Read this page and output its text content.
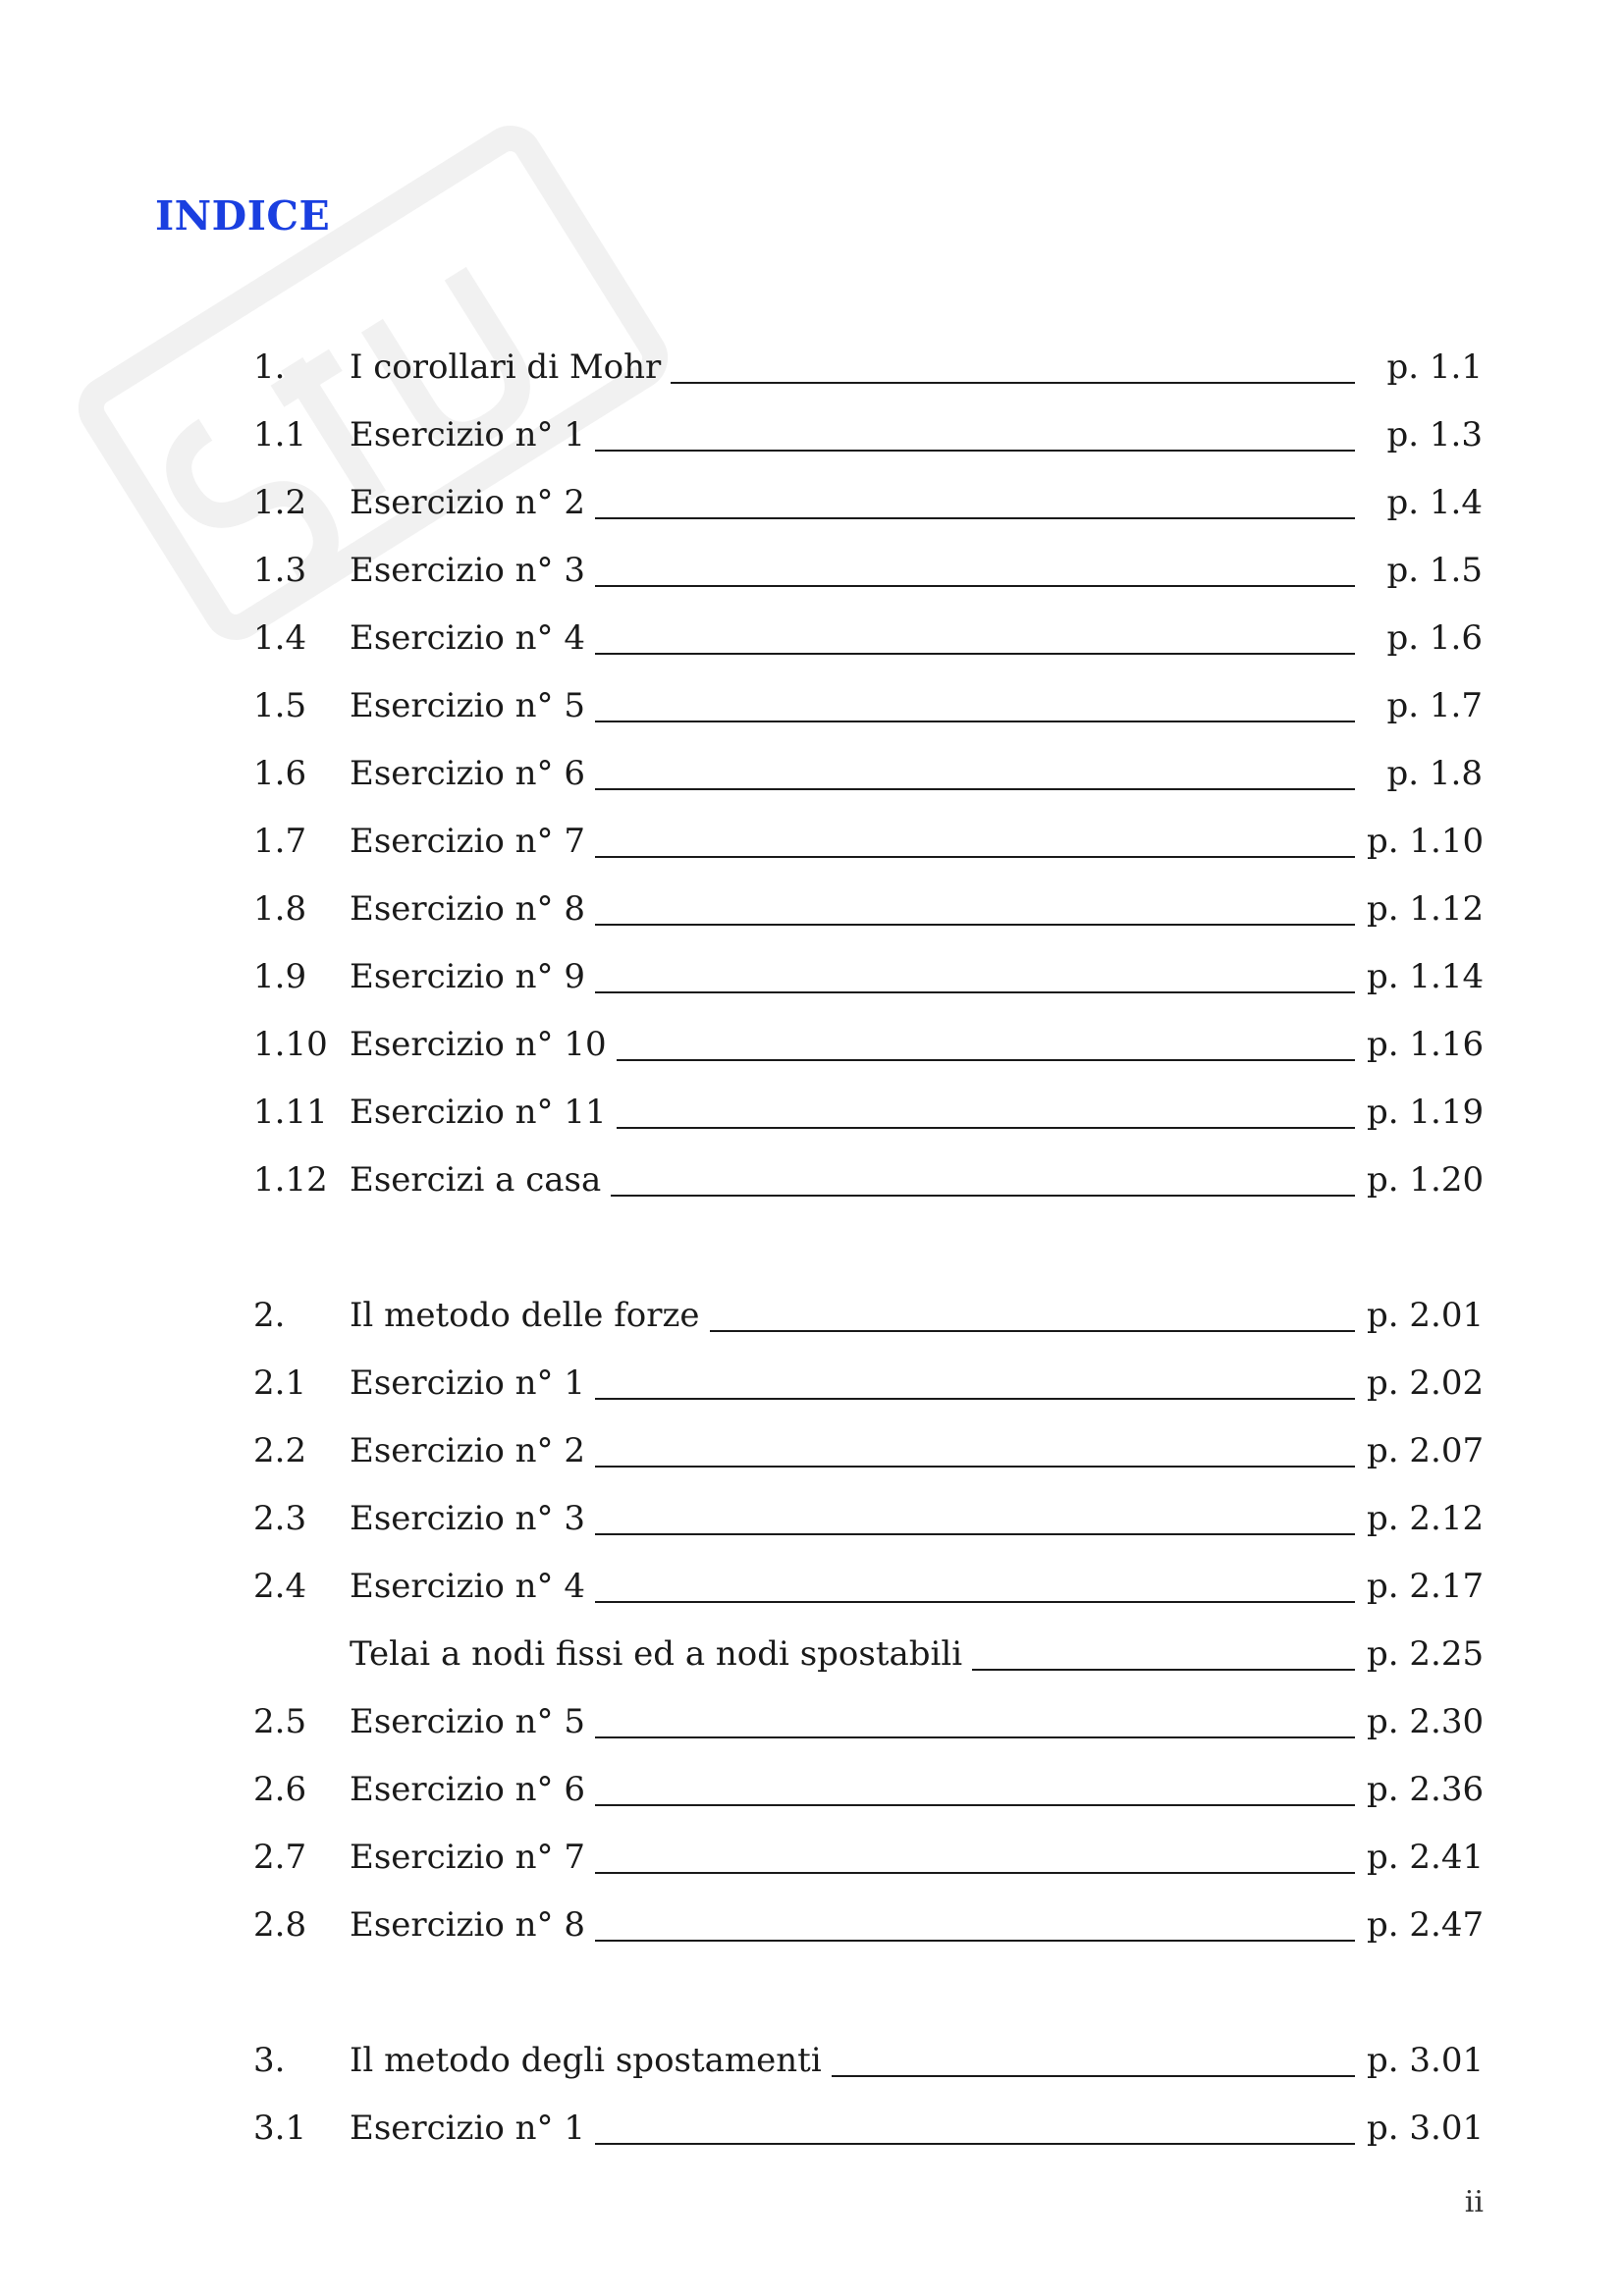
INDICE
1.	I corollari di Mohr	p. 1.1
1.1	Esercizio n° 1	p. 1.3
1.2	Esercizio n° 2	p. 1.4
1.3	Esercizio n° 3	p. 1.5
1.4	Esercizio n° 4	p. 1.6
1.5	Esercizio n° 5	p. 1.7
1.6	Esercizio n° 6	p. 1.8
1.7	Esercizio n° 7	p. 1.10
1.8	Esercizio n° 8	p. 1.12
1.9	Esercizio n° 9	p. 1.14
1.10 Esercizio n° 10	p. 1.16
1.11 Esercizio n° 11	p. 1.19
1.12 Esercizi a casa	p. 1.20
2.	Il metodo delle forze	p. 2.01
2.1	Esercizio n° 1	p. 2.02
2.2	Esercizio n° 2	p. 2.07
2.3	Esercizio n° 3	p. 2.12
2.4	Esercizio n° 4	p. 2.17
Telai a nodi fissi ed a nodi spostabili	p. 2.25
2.5	Esercizio n° 5	p. 2.30
2.6	Esercizio n° 6	p. 2.36
2.7	Esercizio n° 7	p. 2.41
2.8	Esercizio n° 8	p. 2.47
3.	Il metodo degli spostamenti	p. 3.01
3.1	Esercizio n° 1	p. 3.01
ii
